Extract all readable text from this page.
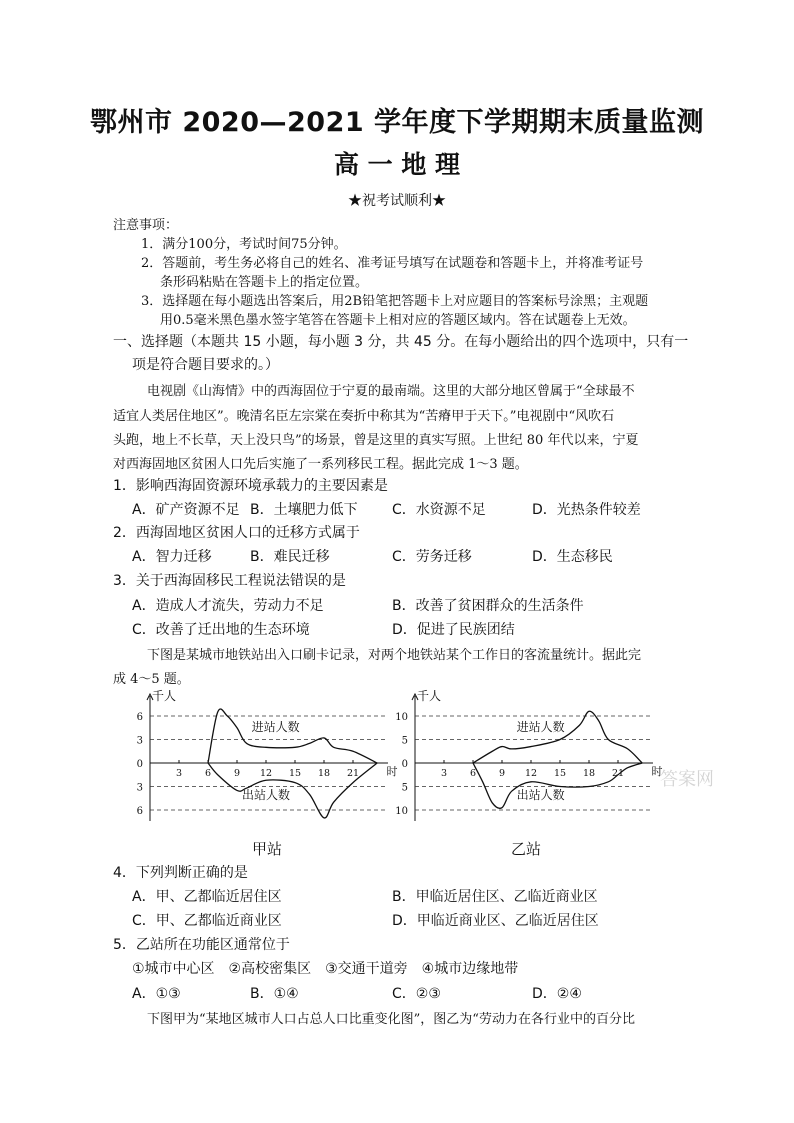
鄂州市 2020—2021 学年度下学期期末质量监测
高 一 地 理
★祝考试顺利★
注意事项：
1．满分100分，考试时间75分钟。
2．答题前，考生务必将自己的姓名、准考证号填写在试题卷和答题卡上，并将准考证号
条形码粘贴在答题卡上的指定位置。
3．选择题在每小题选出答案后，用2B铅笔把答题卡上对应题目的答案标号涂黑；主观题
用0.5毫米黑色墨水签字笔答在答题卡上相对应的答题区域内。答在试题卷上无效。
一、选择题（本题共 15 小题，每小题 3 分，共 45 分。在每小题给出的四个选项中，只有一
项是符合题目要求的。）
电视剧《山海情》中的西海固位于宁夏的最南端。这里的大部分地区曾属于“全球最不
适宜人类居住地区”。晚清名臣左宗棠在奏折中称其为“苦瘠甲于天下。”电视剧中“风吹石
头跑，地上不长草，天上没只鸟”的场景，曾是这里的真实写照。上世纪 80 年代以来，宁夏
对西海固地区贫困人口先后实施了一系列移民工程。据此完成 1～3 题。
1．影响西海固资源环境承载力的主要因素是
A．矿产资源不足 B．土壤肥力低下 C．水资源不足	D．光热条件较差
2．西海固地区贫困人口的迁移方式属于
A．智力迁移	B．难民迁移	C．劳务迁移	D．生态移民
3．关于西海固移民工程说法错误的是
A．造成人才流失，劳动力不足	B．改善了贫困群众的生活条件
C．改善了迁出地的生态环境	D．促进了民族团结
下图是某城市地铁站出入口刷卡记录，对两个地铁站某个工作日的客流量统计。据此完
成 4～5 题。
6
3
3
6
0
千人
时
3 6 9 12 15 18 21
进站人数
出站人数
10
5
5
10
0
千人
时
3 6 9 12 15 18 21
进站人数
出站人数
甲站	乙站
答案网
4．下列判断正确的是
A．甲、乙都临近居住区	B．甲临近居住区、乙临近商业区
C．甲、乙都临近商业区	D．甲临近商业区、乙临近居住区
5．乙站所在功能区通常位于
①城市中心区　②高校密集区　③交通干道旁　④城市边缘地带
A．①③	B．①④	C．②③	D．②④
下图甲为“某地区城市人口占总人口比重变化图”，图乙为“劳动力在各行业中的百分比
